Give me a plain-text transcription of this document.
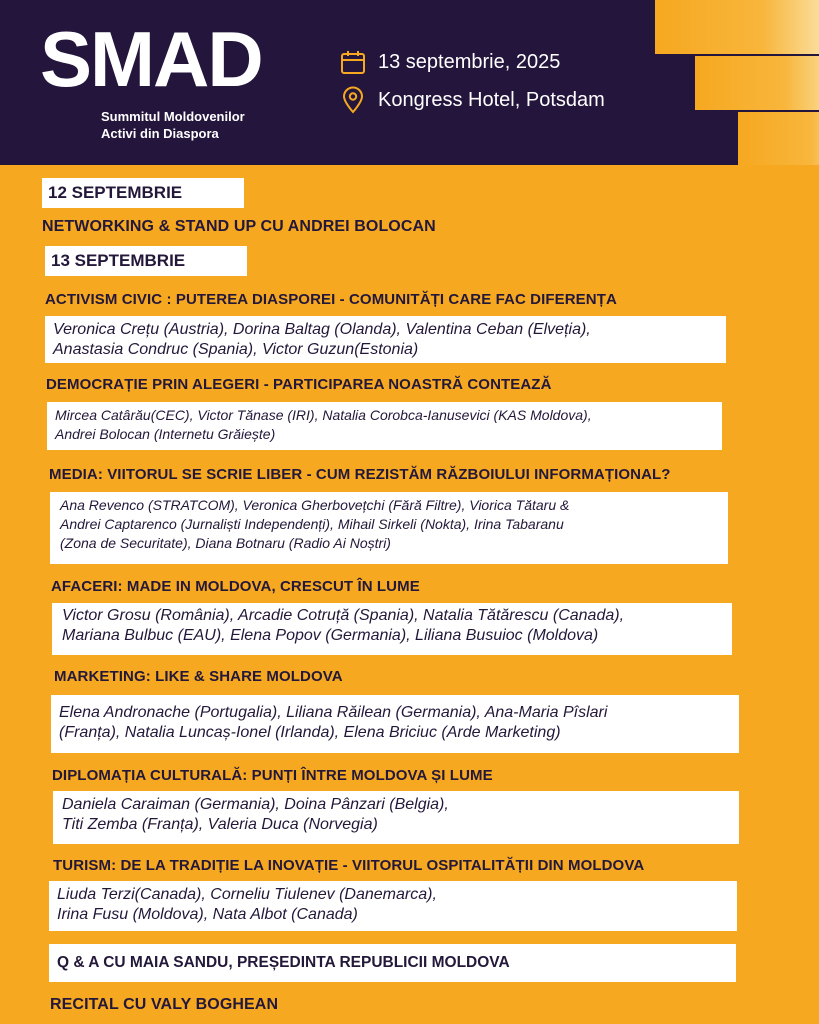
SMAD
Summitul Moldovenilor
Activi din Diaspora
13 septembrie, 2025
Kongress Hotel, Potsdam
12 SEPTEMBRIE
NETWORKING & STAND UP CU ANDREI BOLOCAN
13 SEPTEMBRIE
ACTIVISM CIVIC : PUTEREA DIASPOREI - COMUNITĂȚI CARE FAC DIFERENȚA
Veronica Crețu (Austria), Dorina Baltag (Olanda), Valentina Ceban (Elveția),
Anastasia Condruc (Spania), Victor Guzun(Estonia)
DEMOCRAȚIE PRIN ALEGERI - PARTICIPAREA NOASTRĂ CONTEAZĂ
Mircea Catârău(CEC), Victor Tănase (IRI), Natalia Corobca-Ianusevici (KAS Moldova),
Andrei Bolocan (Internetu Grăiește)
MEDIA: VIITORUL SE SCRIE LIBER - CUM REZISTĂM RĂZBOIULUI INFORMAȚIONAL?
Ana Revenco (STRATCOM), Veronica Gherbovețchi (Fără Filtre), Viorica Tătaru &
Andrei Captarenco (Jurnaliști Independenți), Mihail Sirkeli (Nokta), Irina Tabaranu
(Zona de Securitate), Diana Botnaru (Radio Ai Noștri)
AFACERI: MADE IN MOLDOVA, CRESCUT ÎN LUME
Victor Grosu (România), Arcadie Cotruță (Spania), Natalia Tătărescu (Canada),
Mariana Bulbuc (EAU), Elena Popov (Germania), Liliana Busuioc (Moldova)
MARKETING: LIKE & SHARE MOLDOVA
Elena Andronache (Portugalia), Liliana Răilean (Germania), Ana-Maria Pîslari
(Franța), Natalia Luncaș-Ionel (Irlanda), Elena Briciuc (Arde Marketing)
DIPLOMAȚIA CULTURALĂ: PUNȚI ÎNTRE MOLDOVA ȘI LUME
Daniela Caraiman (Germania), Doina Pânzari (Belgia),
Titi Zemba (Franța), Valeria Duca (Norvegia)
TURISM: DE LA TRADIȚIE LA INOVAȚIE - VIITORUL OSPITALITĂȚII DIN MOLDOVA
Liuda Terzi(Canada), Corneliu Tiulenev (Danemarca),
Irina Fusu (Moldova), Nata Albot (Canada)
Q & A CU MAIA SANDU, PREȘEDINTA REPUBLICII MOLDOVA
RECITAL CU VALY BOGHEAN
